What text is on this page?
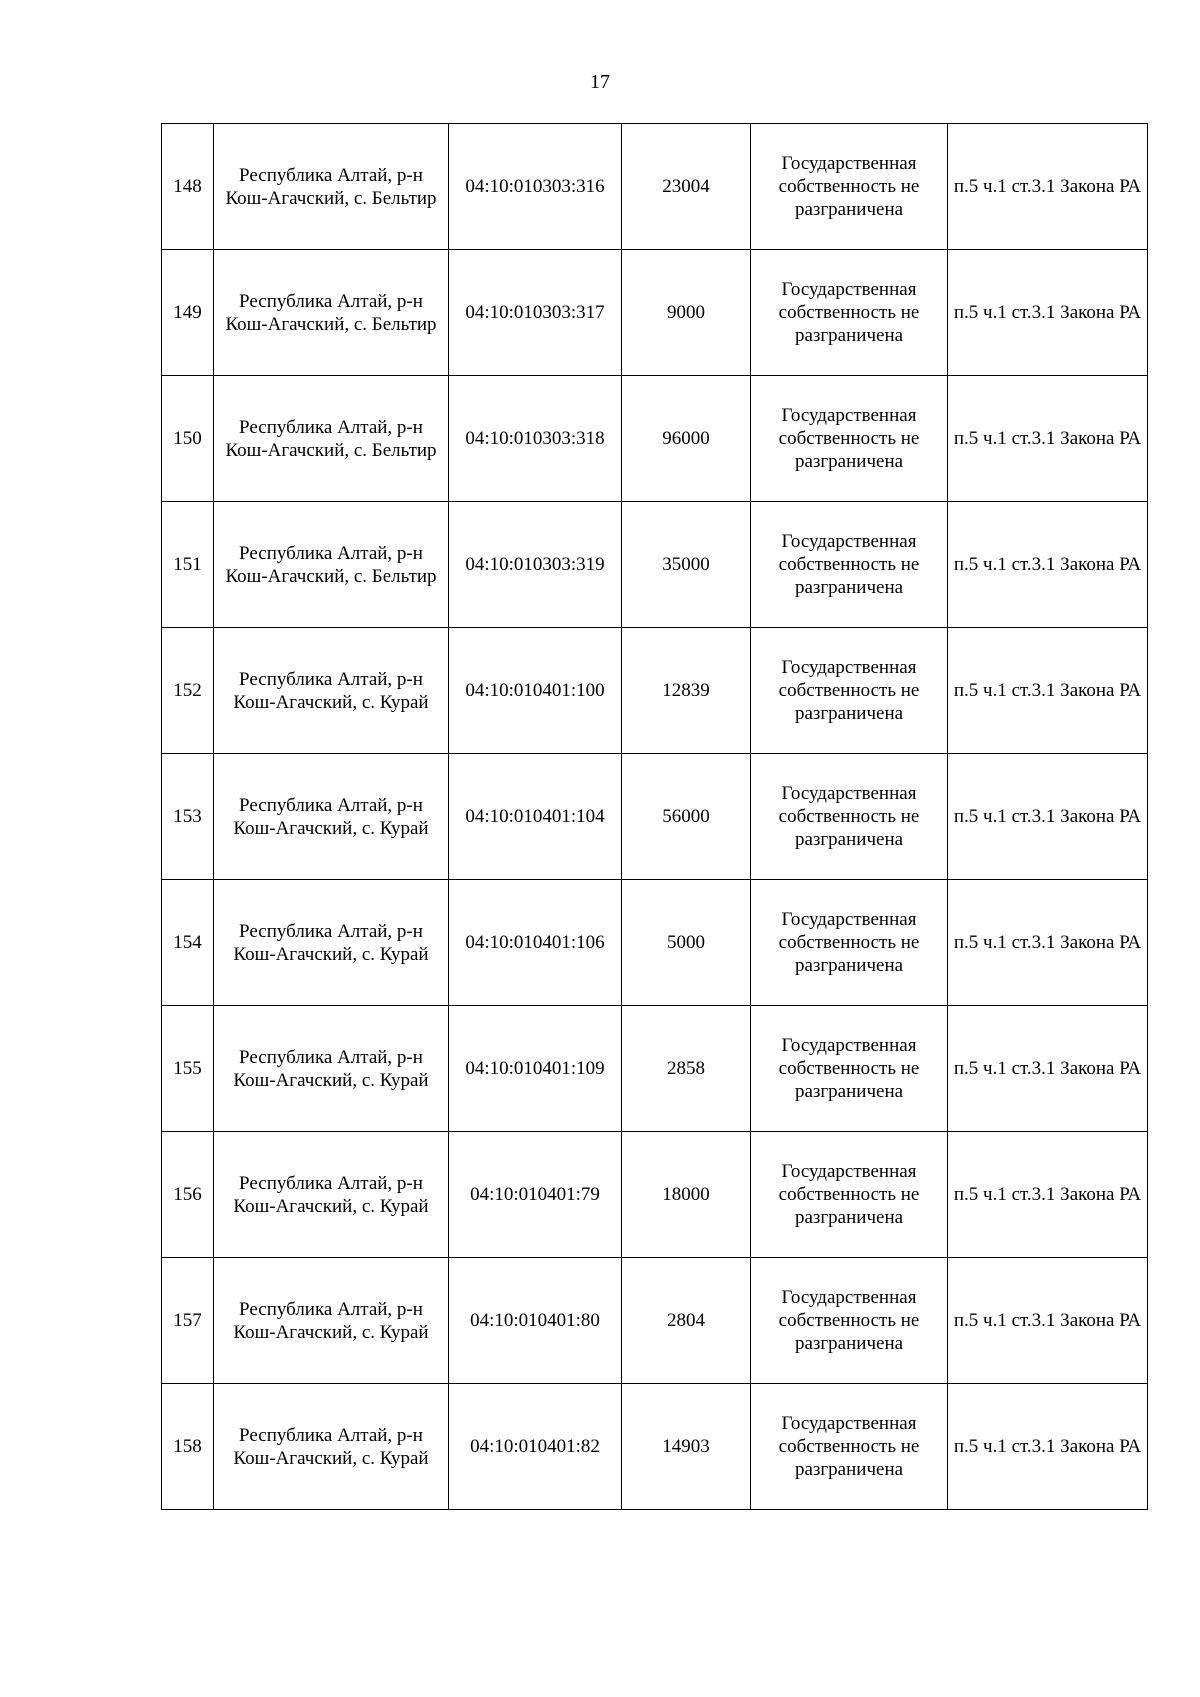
17
148	Республика Алтай, р-н Кош-Агачский, с. Бельтир	04:10:010303:316	23004	Государственная собственность не разграничена	п.5 ч.1 ст.3.1 Закона РА
149	Республика Алтай, р-н Кош-Агачский, с. Бельтир	04:10:010303:317	9000	Государственная собственность не разграничена	п.5 ч.1 ст.3.1 Закона РА
150	Республика Алтай, р-н Кош-Агачский, с. Бельтир	04:10:010303:318	96000	Государственная собственность не разграничена	п.5 ч.1 ст.3.1 Закона РА
151	Республика Алтай, р-н Кош-Агачский, с. Бельтир	04:10:010303:319	35000	Государственная собственность не разграничена	п.5 ч.1 ст.3.1 Закона РА
152	Республика Алтай, р-н Кош-Агачский, с. Курай	04:10:010401:100	12839	Государственная собственность не разграничена	п.5 ч.1 ст.3.1 Закона РА
153	Республика Алтай, р-н Кош-Агачский, с. Курай	04:10:010401:104	56000	Государственная собственность не разграничена	п.5 ч.1 ст.3.1 Закона РА
154	Республика Алтай, р-н Кош-Агачский, с. Курай	04:10:010401:106	5000	Государственная собственность не разграничена	п.5 ч.1 ст.3.1 Закона РА
155	Республика Алтай, р-н Кош-Агачский, с. Курай	04:10:010401:109	2858	Государственная собственность не разграничена	п.5 ч.1 ст.3.1 Закона РА
156	Республика Алтай, р-н Кош-Агачский, с. Курай	04:10:010401:79	18000	Государственная собственность не разграничена	п.5 ч.1 ст.3.1 Закона РА
157	Республика Алтай, р-н Кош-Агачский, с. Курай	04:10:010401:80	2804	Государственная собственность не разграничена	п.5 ч.1 ст.3.1 Закона РА
158	Республика Алтай, р-н Кош-Агачский, с. Курай	04:10:010401:82	14903	Государственная собственность не разграничена	п.5 ч.1 ст.3.1 Закона РА
